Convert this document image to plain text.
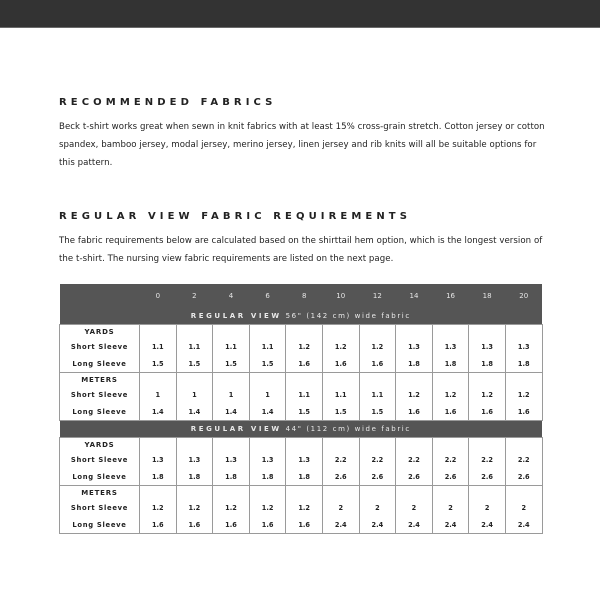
RECOMMENDED FABRICS
Beck t-shirt works great when sewn in knit fabrics with at least 15% cross-grain stretch. Cotton jersey or cotton spandex, bamboo jersey, modal jersey, merino jersey, linen jersey and rib knits will all be suitable options for this pattern.
REGULAR VIEW FABRIC REQUIREMENTS
The fabric requirements below are calculated based on the shirttail hem option, which is the longest version of the t-shirt. The nursing view fabric requirements are listed on the next page.
	0	2	4	6	8	10	12	14	16	18	20
REGULAR VIEW 56" (142 cm) wide fabric											
YARDS											
Short Sleeve	1.1	1.1	1.1	1.1	1.2	1.2	1.2	1.3	1.3	1.3	1.3
Long Sleeve	1.5	1.5	1.5	1.5	1.6	1.6	1.6	1.8	1.8	1.8	1.8
METERS											
Short Sleeve	1	1	1	1	1.1	1.1	1.1	1.2	1.2	1.2	1.2
Long Sleeve	1.4	1.4	1.4	1.4	1.5	1.5	1.5	1.6	1.6	1.6	1.6
REGULAR VIEW 44" (112 cm) wide fabric											
YARDS											
Short Sleeve	1.3	1.3	1.3	1.3	1.3	2.2	2.2	2.2	2.2	2.2	2.2
Long Sleeve	1.8	1.8	1.8	1.8	1.8	2.6	2.6	2.6	2.6	2.6	2.6
METERS											
Short Sleeve	1.2	1.2	1.2	1.2	1.2	2	2	2	2	2	2
Long Sleeve	1.6	1.6	1.6	1.6	1.6	2.4	2.4	2.4	2.4	2.4	2.4
